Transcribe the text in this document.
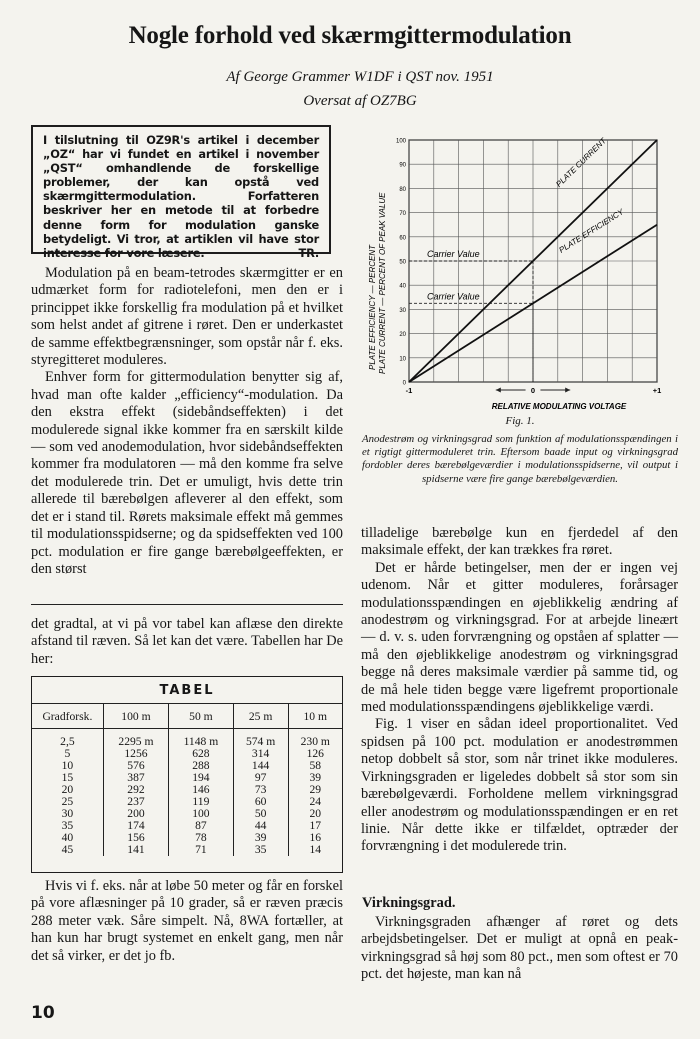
Nogle forhold ved skærmgittermodulation
Af George Grammer W1DF i QST nov. 1951
Oversat af OZ7BG

I tilslutning til OZ9R's artikel i december „OZ“ har vi fundet en artikel i november „QST“ omhandlende de forskellige problemer, der kan opstå ved skærmgittermodulation. Forfatteren beskriver her en metode til at forbedre denne form for modulation ganske betydeligt. Vi tror, at artiklen vil have stor interesse for vore læsere.	TR.

0
10
20
30
40
50
60
70
80
90
100
-1	0	+1
Carrier Value
Carrier Value
PLATE CURRENT
PLATE EFFICIENCY
PLATE EFFICIENCY — PERCENT PLATE CURRENT — PERCENT OF PEAK VALUE
RELATIVE MODULATING VOLTAGE
Fig. 1.
Anodestrøm og virkningsgrad som funktion af modulationsspændingen i et rigtigt gittermoduleret trin. Eftersom baade input og virkningsgrad fordobler deres bærebølgeværdier i modulationsspidserne, vil output i spidserne være fire gange bærebølgeværdien.

Modulation på en beam-tetrodes skærmgitter er en udmærket form for radiotelefoni, men den er i princippet ikke forskellig fra modulation på et hvilket som helst andet af gitrene i røret. Den er underkastet de samme effektbegrænsninger, som opstår når f. eks. styregitteret moduleres.

Enhver form for gittermodulation benytter sig af, hvad man ofte kalder „efficiency“-modulation. Da den ekstra effekt (sidebåndseffekten) i det modulerede signal ikke kommer fra en særskilt kilde — som ved anodemodulation, hvor sidebåndseffekten kommer fra modulatoren — må den komme fra selve det modulerede trin. Det er umuligt, hvis dette trin allerede til bærebølgen afleverer al den effekt, som det er i stand til. Rørets maksimale effekt må gemmes til modulationsspidserne; og da spidseffekten ved 100 pct. modulation er fire gange bærebølgeeffekten, er den størst

det gradtal, at vi på vor tabel kan aflæse den direkte afstand til ræven. Så let kan det være. Tabellen har De her:

TABEL
Gradforsk.	100 m	50 m	25 m	10 m
2,5	2295 m	1148 m	574 m	230 m
5	1256	628	314	126
10	576	288	144	58
15	387	194	97	39
20	292	146	73	29
25	237	119	60	24
30	200	100	50	20
35	174	87	44	17
40	156	78	39	16
45	141	71	35	14

Hvis vi f. eks. når at løbe 50 meter og får en forskel på vore aflæsninger på 10 grader, så er ræven præcis 288 meter væk. Såre simpelt. Nå, 8WA fortæller, at han kun har brugt systemet en enkelt gang, men når det så virker, er det jo fb.

tilladelige bærebølge kun en fjerdedel af den maksimale effekt, der kan trækkes fra røret.

Det er hårde betingelser, men der er ingen vej udenom. Når et gitter moduleres, forårsager modulationsspændingen en øjeblikkelig ændring af anodestrøm og virkningsgrad. For at arbejde lineært — d. v. s. uden forvrængning og opståen af splatter — må den øjeblikkelige anodestrøm og virkningsgrad begge nå deres maksimale værdier på samme tid, og de må hele tiden begge være ligefremt proportionale med modulationsspændingens øjeblikkelige værdi.

Fig. 1 viser en sådan ideel proportionalitet. Ved spidsen på 100 pct. modulation er anodestrømmen netop dobbelt så stor, som når trinet ikke moduleres. Virkningsgraden er ligeledes dobbelt så stor som sin bærebølgeværdi. Forholdene mellem virkningsgrad eller anodestrøm og modulationsspændingen er en ret linie. Når dette ikke er tilfældet, optræder der forvrængning i det modulerede trin.

Virkningsgrad.

Virkningsgraden afhænger af røret og dets arbejdsbetingelser. Det er muligt at opnå en peak-virkningsgrad så høj som 80 pct., men som oftest er 70 pct. det højeste, man kan nå

10
